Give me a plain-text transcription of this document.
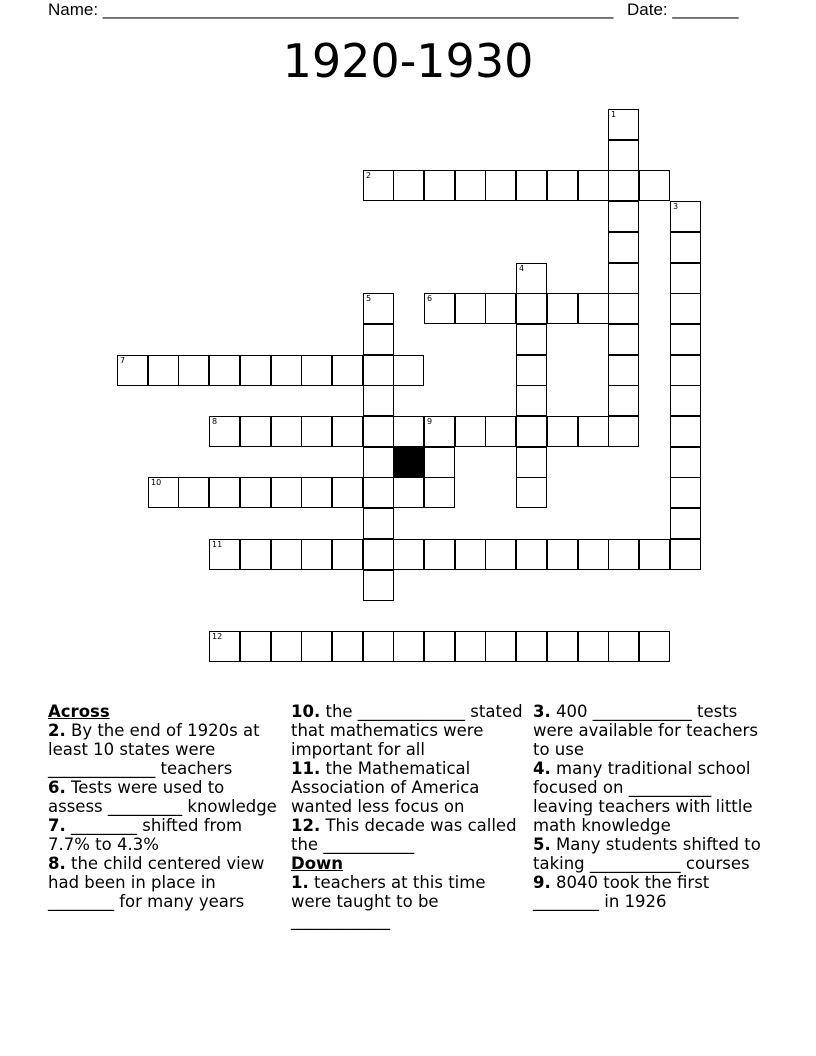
Name: ______________________________________________________ Date: _______
1920-1930
1
2
3
4
5	6
7
8	9
10
11
12
Across

2. By the end of 1920s at least 10 states were _____________ teachers

6. Tests were used to assess _________ knowledge

7. ________ shifted from 7.7% to 4.3%

8. the child centered view had been in place in ________ for many years

10. the _____________ stated that mathematics were important for all

11. the Mathematical Association of America wanted less focus on

12. This decade was called the ___________

Down

1. teachers at this time were taught to be ____________

3. 400 ____________ tests were available for teachers to use

4. many traditional school focused on __________ leaving teachers with little math knowledge

5. Many students shifted to taking ___________ courses

9. 8040 took the first ________ in 1926
